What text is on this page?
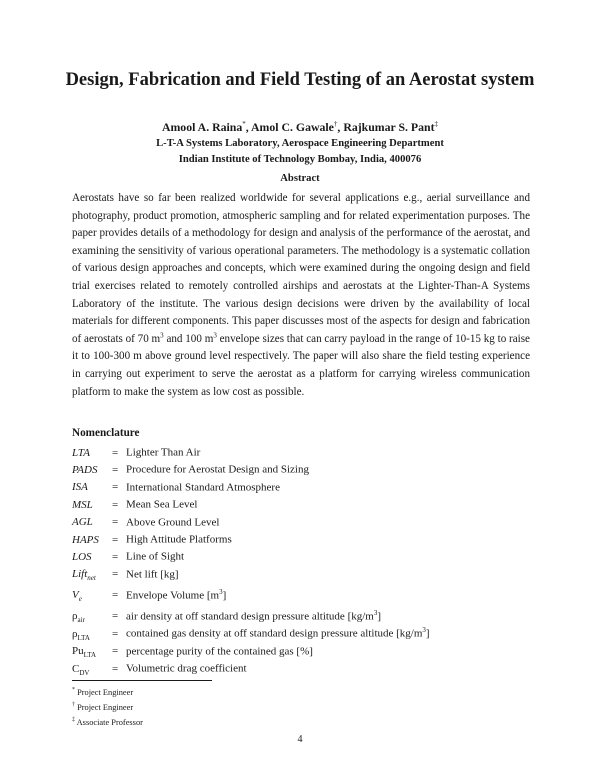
Design, Fabrication and Field Testing of an Aerostat system
Amool A. Raina*, Amol C. Gawale†, Rajkumar S. Pant‡
L-T-A Systems Laboratory, Aerospace Engineering Department
Indian Institute of Technology Bombay, India, 400076
Abstract

Aerostats have so far been realized worldwide for several applications e.g., aerial surveillance and photography, product promotion, atmospheric sampling and for related experimentation purposes. The paper provides details of a methodology for design and analysis of the performance of the aerostat, and examining the sensitivity of various operational parameters. The methodology is a systematic collation of various design approaches and concepts, which were examined during the ongoing design and field trial exercises related to remotely controlled airships and aerostats at the Lighter-Than-A Systems Laboratory of the institute. The various design decisions were driven by the availability of local materials for different components. This paper discusses most of the aspects for design and fabrication of aerostats of 70 $m^3$ and 100 $m^3$ envelope sizes that can carry payload in the range of 10-15 kg to raise it to 100-300 m above ground level respectively. The paper will also share the field testing experience in carrying out experiment to serve the aerostat as a platform for carrying wireless communication platform to make the system as low cost as possible.

Nomenclature
LTA	= Lighter Than Air
PADS	= Procedure for Aerostat Design and Sizing
ISA	= International Standard Atmosphere
MSL	= Mean Sea Level
AGL	= Above Ground Level
HAPS	= High Attitude Platforms
LOS	= Line of Sight
Lift$_{net}$	= Net lift [kg]
$V_e$	= Envelope Volume $[m^3]$
$\rho_{air}$	= air density at off standard design pressure altitude $[kg/m^3]$
$\rho_{LTA}$	= contained gas density at off standard design pressure altitude $[kg/m^3]$
$Pu_{LTA}$	= percentage purity of the contained gas [%]
$C_{DV}$	= Volumetric drag coefficient
* Project Engineer
† Project Engineer
‡ Associate Professor
4
